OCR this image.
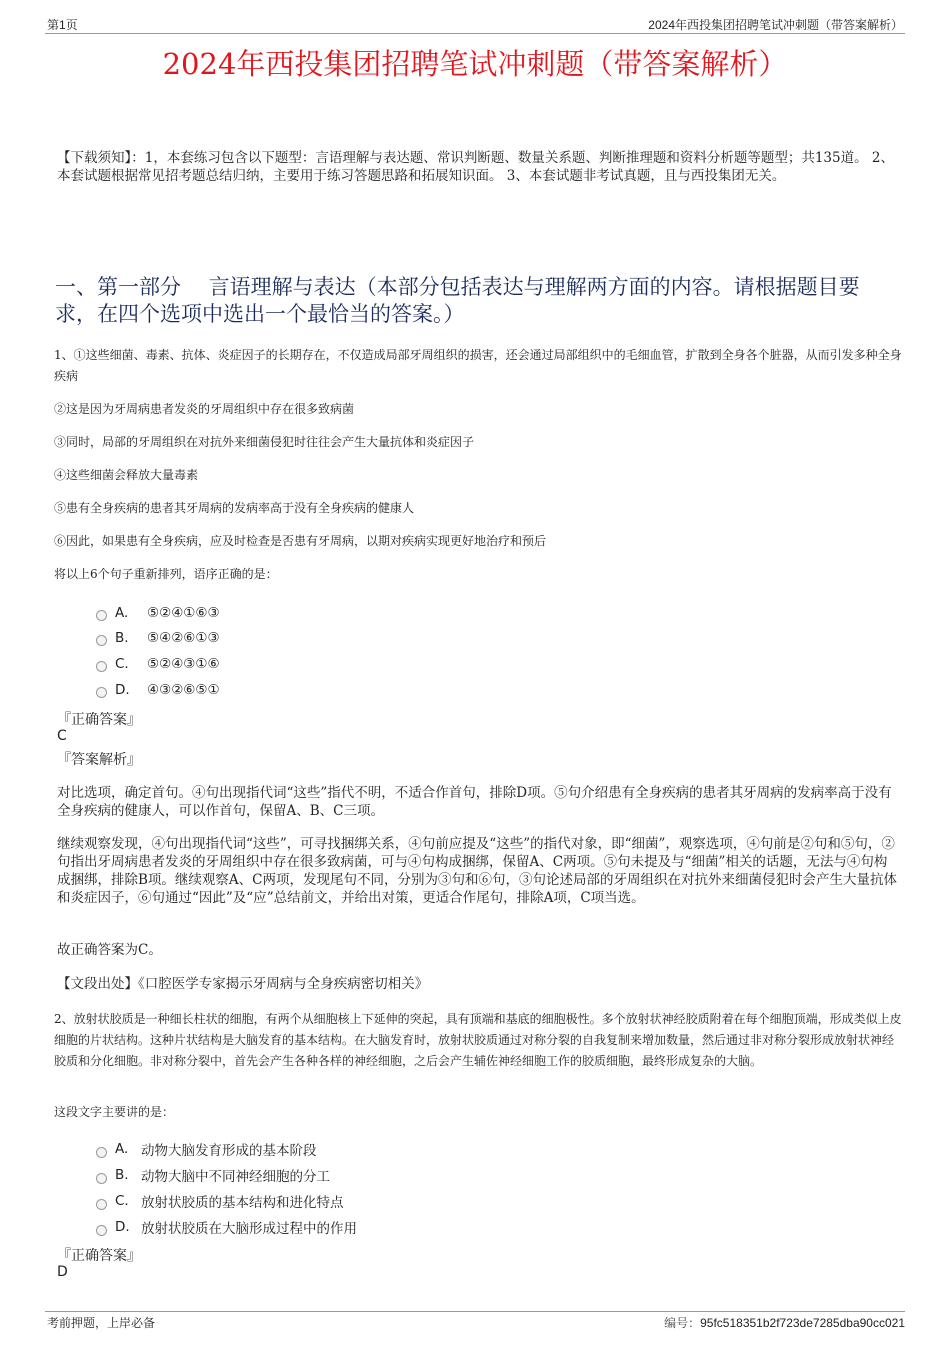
第1页	2024年西投集团招聘笔试冲刺题（带答案解析）
2024年西投集团招聘笔试冲刺题（带答案解析）
【下载须知】：1，本套练习包含以下题型：言语理解与表达题、常识判断题、数量关系题、判断推理题和资料分析题等题型；共135道。 2、本套试题根据常见招考题总结归纳，主要用于练习答题思路和拓展知识面。 3、本套试题非考试真题，且与西投集团无关。
一、第一部分　 言语理解与表达（本部分包括表达与理解两方面的内容。请根据题目要求，在四个选项中选出一个最恰当的答案。）

1、①这些细菌、毒素、抗体、炎症因子的长期存在，不仅造成局部牙周组织的损害，还会通过局部组织中的毛细血管，扩散到全身各个脏器，从而引发多种全身疾病

②这是因为牙周病患者发炎的牙周组织中存在很多致病菌

③同时，局部的牙周组织在对抗外来细菌侵犯时往往会产生大量抗体和炎症因子

④这些细菌会释放大量毒素

⑤患有全身疾病的患者其牙周病的发病率高于没有全身疾病的健康人

⑥因此，如果患有全身疾病，应及时检查是否患有牙周病，以期对疾病实现更好地治疗和预后

将以上6个句子重新排列，语序正确的是：

A.	⑤②④①⑥③
B.	⑤④②⑥①③
C.	⑤②④③①⑥
D.	④③②⑥⑤①
『正确答案』
C
『答案解析』
对比选项，确定首句。④句出现指代词“这些”指代不明，不适合作首句，排除D项。⑤句介绍患有全身疾病的患者其牙周病的发病率高于没有全身疾病的健康人，可以作首句，保留A、B、C三项。
继续观察发现，④句出现指代词“这些”，可寻找捆绑关系，④句前应提及“这些”的指代对象，即“细菌”，观察选项，④句前是②句和⑤句，②句指出牙周病患者发炎的牙周组织中存在很多致病菌，可与④句构成捆绑，保留A、C两项。⑤句未提及与“细菌”相关的话题，无法与④句构成捆绑，排除B项。继续观察A、C两项，发现尾句不同，分别为③句和⑥句，③句论述局部的牙周组织在对抗外来细菌侵犯时会产生大量抗体和炎症因子，⑥句通过“因此”及“应”总结前文，并给出对策，更适合作尾句，排除A项，C项当选。
故正确答案为C。
【文段出处】《口腔医学专家揭示牙周病与全身疾病密切相关》
2、放射状胶质是一种细长柱状的细胞，有两个从细胞核上下延伸的突起，具有顶端和基底的细胞极性。多个放射状神经胶质附着在每个细胞顶端，形成类似上皮细胞的片状结构。这种片状结构是大脑发育的基本结构。在大脑发育时，放射状胶质通过对称分裂的自我复制来增加数量，然后通过非对称分裂形成放射状神经胶质和分化细胞。非对称分裂中，首先会产生各种各样的神经细胞，之后会产生辅佐神经细胞工作的胶质细胞，最终形成复杂的大脑。
这段文字主要讲的是：
A. 动物大脑发育形成的基本阶段
B. 动物大脑中不同神经细胞的分工
C. 放射状胶质的基本结构和进化特点
D. 放射状胶质在大脑形成过程中的作用
『正确答案』
D
考前押题，上岸必备	编号：95fc518351b2f723de7285dba90cc021
